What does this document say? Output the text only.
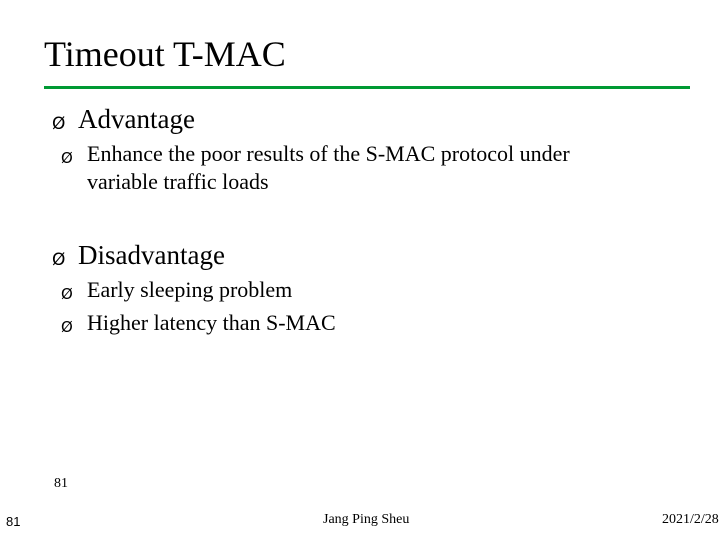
Timeout T-MAC
Ø Advantage
Ø Enhance the poor results of the S-MAC protocol under
variable traffic loads
Ø Disadvantage
Ø Early sleeping problem
Ø Higher latency than S-MAC
81
81
Jang Ping Sheu	2021/2/28
